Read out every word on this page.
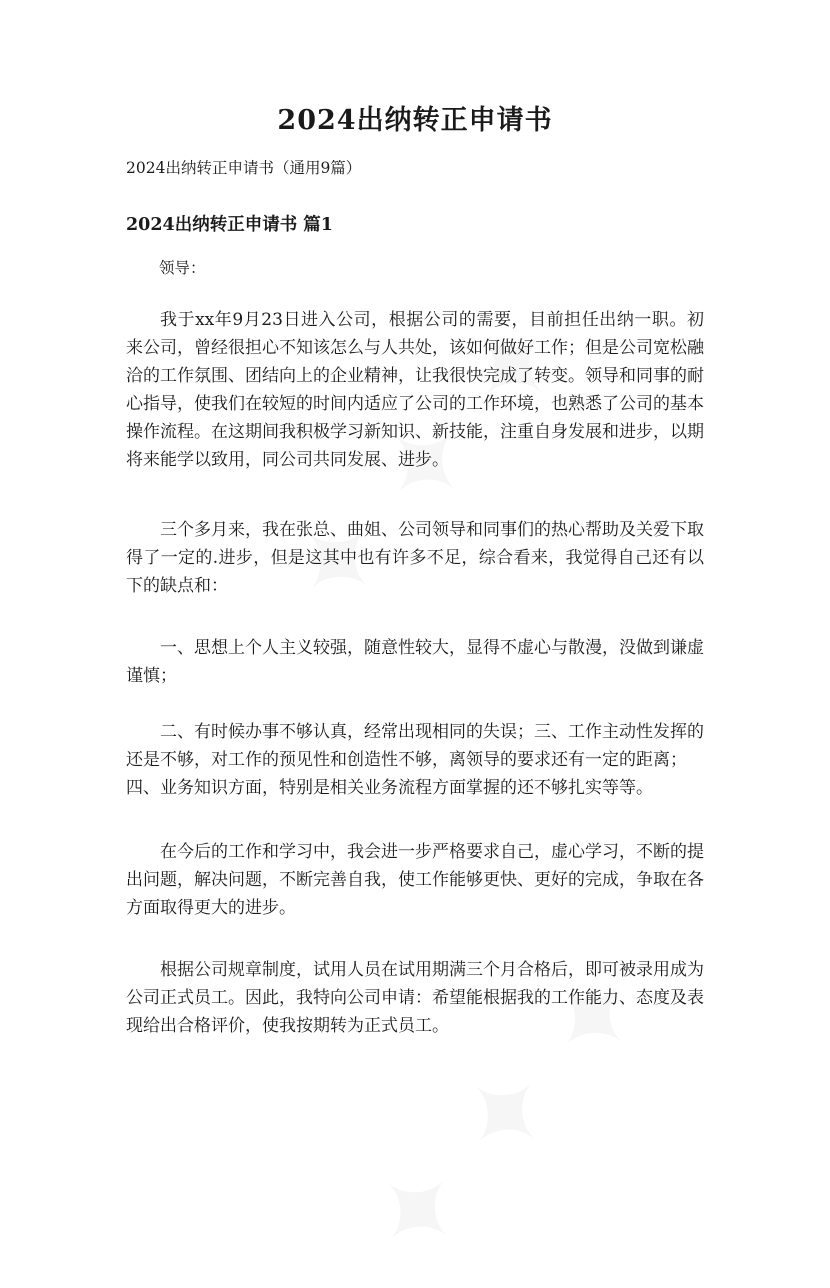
2024出纳转正申请书
2024出纳转正申请书（通用9篇）
2024出纳转正申请书 篇1
领导：

我于xx年9月23日进入公司，根据公司的需要，目前担任出纳一职。初来公司，曾经很担心不知该怎么与人共处，该如何做好工作；但是公司宽松融洽的工作氛围、团结向上的企业精神，让我很快完成了转变。领导和同事的耐心指导，使我们在较短的时间内适应了公司的工作环境，也熟悉了公司的基本操作流程。在这期间我积极学习新知识、新技能，注重自身发展和进步，以期将来能学以致用，同公司共同发展、进步。

三个多月来，我在张总、曲姐、公司领导和同事们的热心帮助及关爱下取得了一定的.进步，但是这其中也有许多不足，综合看来，我觉得自己还有以下的缺点和：

一、思想上个人主义较强，随意性较大，显得不虚心与散漫，没做到谦虚谨慎；

二、有时候办事不够认真，经常出现相同的失误；三、工作主动性发挥的还是不够，对工作的预见性和创造性不够，离领导的要求还有一定的距离；
四、业务知识方面，特别是相关业务流程方面掌握的还不够扎实等等。

在今后的工作和学习中，我会进一步严格要求自己，虚心学习，不断的提出问题，解决问题，不断完善自我，使工作能够更快、更好的完成，争取在各方面取得更大的进步。

根据公司规章制度，试用人员在试用期满三个月合格后，即可被录用成为公司正式员工。因此，我特向公司申请：希望能根据我的工作能力、态度及表现给出合格评价，使我按期转为正式员工。
